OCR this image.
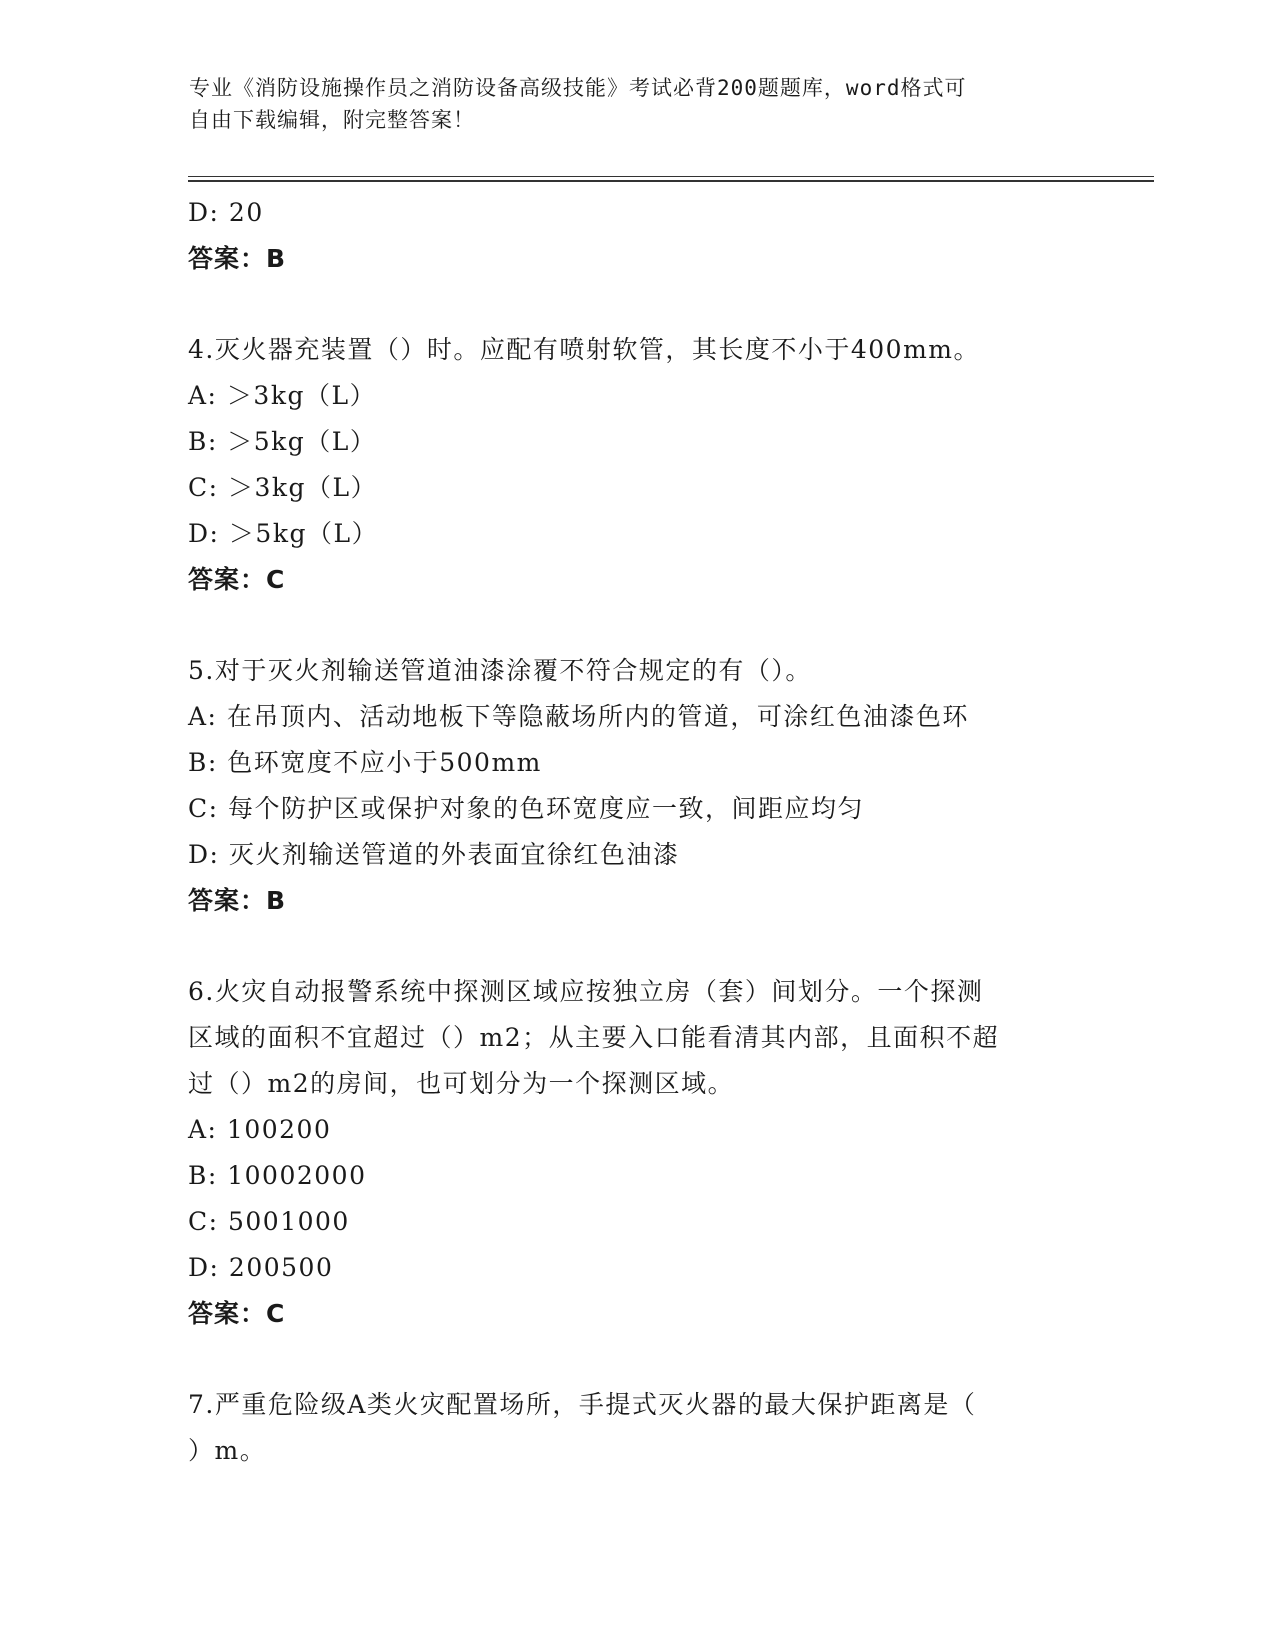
专业《消防设施操作员之消防设备高级技能》考试必背200题题库，word格式可

自由下载编辑，附完整答案！

D: 20
答案：B
4.灭火器充装置（）时。应配有喷射软管，其长度不小于400mm。
A: ＞3kg（L）
B: ＞5kg（L）
C: ＞3kg（L）
D: ＞5kg（L）
答案：C
5.对于灭火剂输送管道油漆涂覆不符合规定的有（）。
A: 在吊顶内、活动地板下等隐蔽场所内的管道，可涂红色油漆色环
B: 色环宽度不应小于500mm
C: 每个防护区或保护对象的色环宽度应一致，间距应均匀
D: 灭火剂输送管道的外表面宜徐红色油漆
答案：B
6.火灾自动报警系统中探测区域应按独立房（套）间划分。一个探测
区域的面积不宜超过（）m2；从主要入口能看清其内部，且面积不超
过（）m2的房间，也可划分为一个探测区域。
A: 100200
B: 10002000
C: 5001000
D: 200500
答案：C
7.严重危险级A类火灾配置场所，手提式灭火器的最大保护距离是（
）m。
